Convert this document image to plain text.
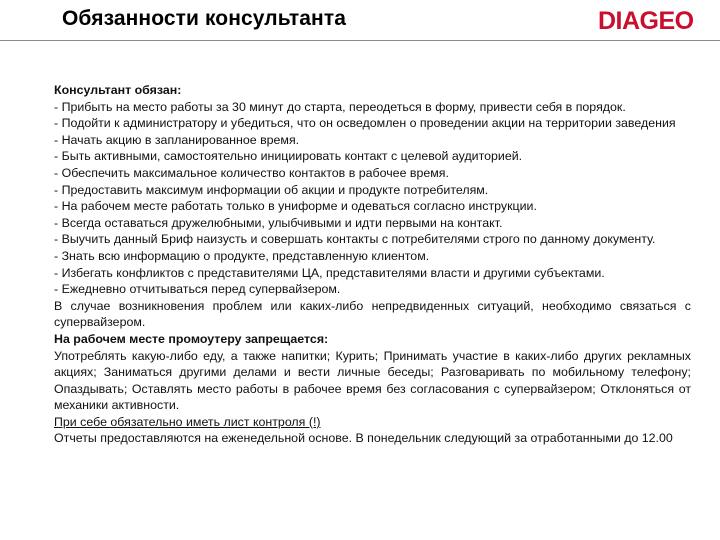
Обязанности консультанта	DIAGEO

Консультант обязан:

- Прибыть на место работы за 30 минут до старта, переодеться в форму, привести себя в порядок.

- Подойти к администратору и убедиться, что он осведомлен о проведении акции на территории заведения

- Начать акцию в запланированное время.

- Быть активными, самостоятельно инициировать контакт с целевой аудиторией.

- Обеспечить максимальное количество контактов в рабочее время.

- Предоставить максимум информации об акции и продукте потребителям.

- На рабочем месте работать только в униформе и одеваться согласно инструкции.

- Всегда оставаться дружелюбными, улыбчивыми и идти первыми на контакт.

- Выучить данный Бриф наизусть и совершать контакты с потребителями строго по данному документу.

- Знать всю информацию о продукте, представленную клиентом.

- Избегать конфликтов с представителями ЦА, представителями власти и другими субъектами.

- Ежедневно отчитываться перед супервайзером.

В случае возникновения проблем или каких-либо непредвиденных ситуаций, необходимо связаться с супервайзером.

На рабочем месте промоутеру запрещается:

Употреблять какую-либо еду, а также напитки; Курить; Принимать участие в каких-либо других рекламных акциях; Заниматься другими делами и вести личные беседы; Разговаривать по мобильному телефону; Опаздывать; Оставлять место работы в рабочее время без согласования с супервайзером; Отклоняться от механики активности.

При себе обязательно иметь лист контроля (!)

Отчеты предоставляются на еженедельной основе. В понедельник следующий за отработанными до 12.00
